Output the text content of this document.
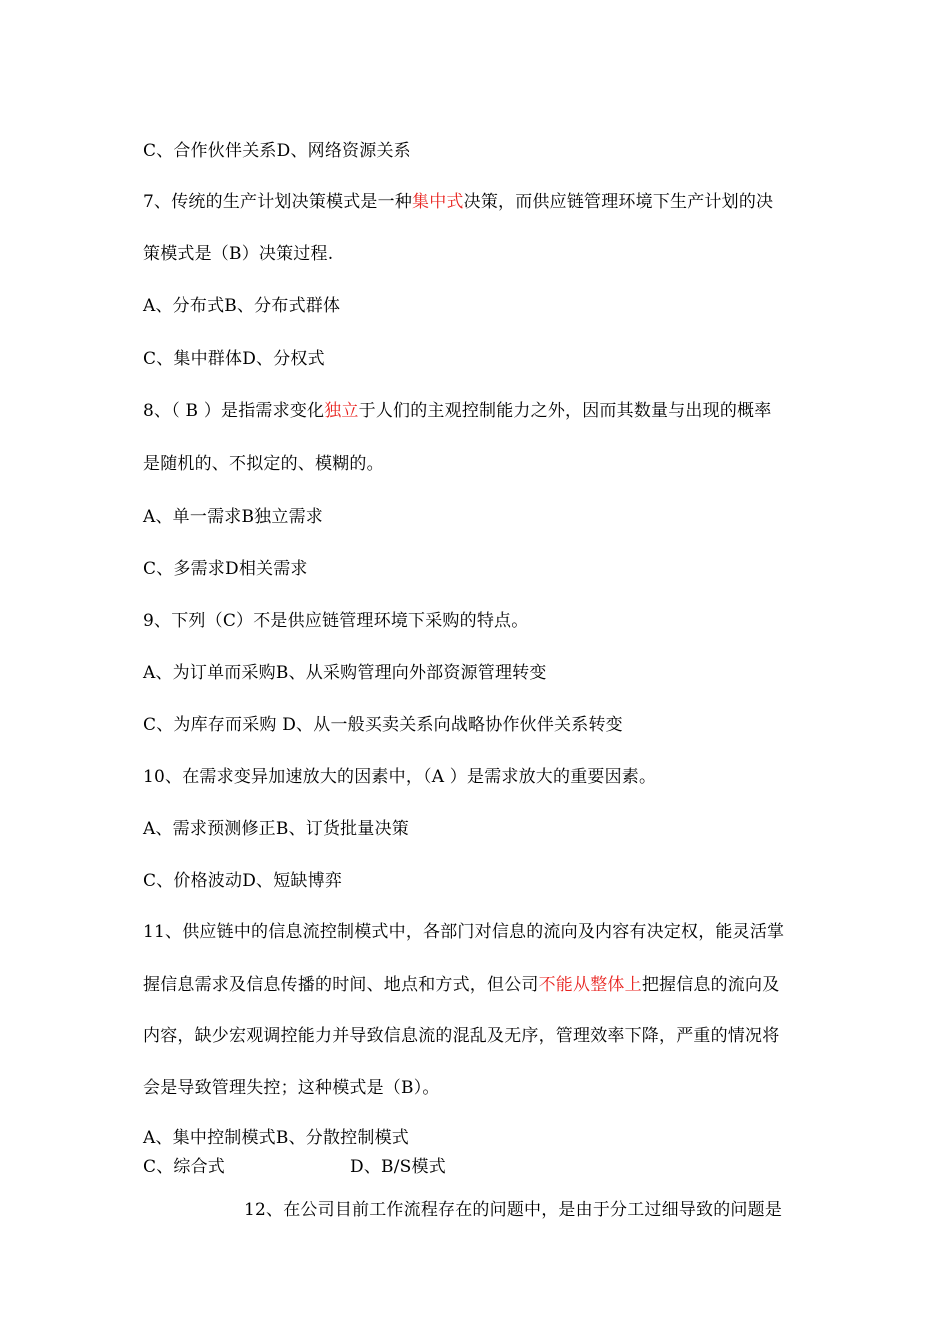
C、合作伙伴关系D、网络资源关系
7、传统的生产计划决策模式是一种集中式决策，而供应链管理环境下生产计划的决
策模式是（B）决策过程.
A、分布式B、分布式群体
C、集中群体D、分权式
8、（ B ）是指需求变化独立于人们的主观控制能力之外，因而其数量与出现的概率
是随机的、不拟定的、模糊的。
A、单一需求B独立需求
C、多需求D相关需求
9、下列（C）不是供应链管理环境下采购的特点。
A、为订单而采购B、从采购管理向外部资源管理转变
C、为库存而采购 D、从一般买卖关系向战略协作伙伴关系转变
10、在需求变异加速放大的因素中，（A ）是需求放大的重要因素。
A、需求预测修正B、订货批量决策
C、价格波动D、短缺博弈
11、供应链中的信息流控制模式中，各部门对信息的流向及内容有决定权，能灵活掌
握信息需求及信息传播的时间、地点和方式，但公司不能从整体上把握信息的流向及
内容，缺少宏观调控能力并导致信息流的混乱及无序，管理效率下降，严重的情况将
会是导致管理失控；这种模式是（B）。
A、集中控制模式B、分散控制模式
C、综合式	D、B/S模式
12、在公司目前工作流程存在的问题中，是由于分工过细导致的问题是
